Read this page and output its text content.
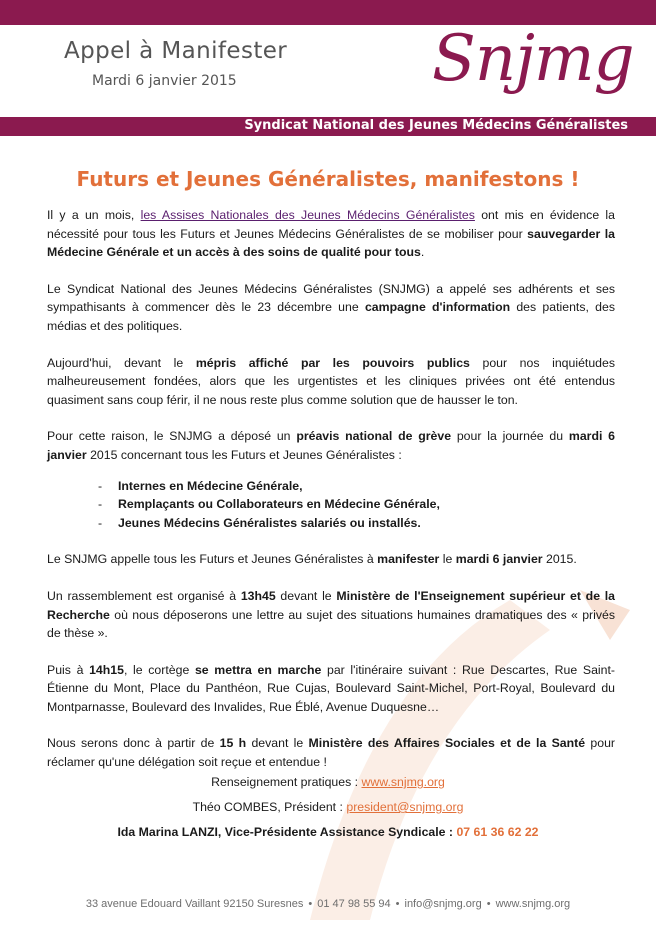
Appel à Manifester
Mardi 6 janvier 2015	Snjmg
Syndicat National des Jeunes Médecins Généralistes
Futurs et Jeunes Généralistes, manifestons !

Il y a un mois, les Assises Nationales des Jeunes Médecins Généralistes ont mis en évidence la nécessité pour tous les Futurs et Jeunes Médecins Généralistes de se mobiliser pour sauvegarder la Médecine Générale et un accès à des soins de qualité pour tous.

Le Syndicat National des Jeunes Médecins Généralistes (SNJMG) a appelé ses adhérents et ses sympathisants à commencer dès le 23 décembre une campagne d'information des patients, des médias et des politiques.

Aujourd'hui, devant le mépris affiché par les pouvoirs publics pour nos inquiétudes malheureusement fondées, alors que les urgentistes et les cliniques privées ont été entendus quasiment sans coup férir, il ne nous reste plus comme solution que de hausser le ton.

Pour cette raison, le SNJMG a déposé un préavis national de grève pour la journée du mardi 6 janvier 2015 concernant tous les Futurs et Jeunes Généralistes :

- Internes en Médecine Générale,
- Remplaçants ou Collaborateurs en Médecine Générale,
- Jeunes Médecins Généralistes salariés ou installés.

Le SNJMG appelle tous les Futurs et Jeunes Généralistes à manifester le mardi 6 janvier 2015.

Un rassemblement est organisé à 13h45 devant le Ministère de l'Enseignement supérieur et de la Recherche où nous déposerons une lettre au sujet des situations humaines dramatiques des « privés de thèse ».

Puis à 14h15, le cortège se mettra en marche par l'itinéraire suivant : Rue Descartes, Rue Saint-Étienne du Mont, Place du Panthéon, Rue Cujas, Boulevard Saint-Michel, Port-Royal, Boulevard du Montparnasse, Boulevard des Invalides, Rue Éblé, Avenue Duquesne…

Nous serons donc à partir de 15 h devant le Ministère des Affaires Sociales et de la Santé pour réclamer qu'une délégation soit reçue et entendue !

Renseignement pratiques : www.snjmg.org
Théo COMBES, Président : president@snjmg.org
Ida Marina LANZI, Vice-Présidente Assistance Syndicale : 07 61 36 62 22
33 avenue Edouard Vaillant 92150 Suresnes • 01 47 98 55 94 • info@snjmg.org • www.snjmg.org
